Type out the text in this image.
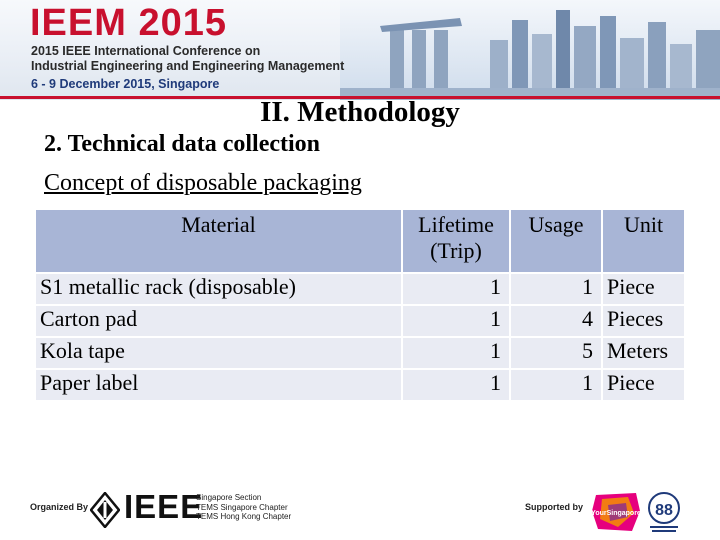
IEEM 2015
2015 IEEE International Conference on
Industrial Engineering and Engineering Management
6 - 9 December 2015, Singapore
II. Methodology
2. Technical data collection
Concept of disposable packaging
Material	Lifetime (Trip)	Usage	Unit
S1 metallic rack (disposable)	1	1	Piece
Carton pad	1	4	Pieces
Kola tape	1	5	Meters
Paper label	1	1	Piece
Organized By IEEE
Singapore Section
TEMS Singapore Chapter
TEMS Hong Kong Chapter
Supported by
YourSingapore 88
